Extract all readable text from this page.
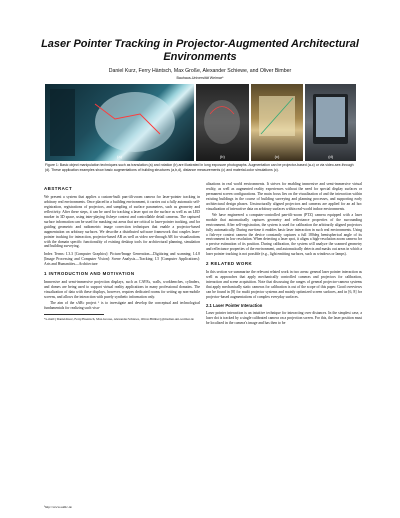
Laser Pointer Tracking in Projector-Augmented Architectural Environments
Daniel Kurz, Ferry Häntsch, Max Große, Alexander Schiewe, and Oliver Bimber
Bauhaus-Universität Weimar*
(a)	(b)	(c)	(d)
Figure 1: Basic object manipulation techniques such as translation (a) and rotation (b) are illustrated in long exposure photographs. Augmentation can be projector-based (a-c) or via video-see-through (d). These application examples show basic augmentations of building structures (a,b,d), distance measurements (c) and material-color simulations (c).
ABSTRACT

We present a system that applies a custom-built pan-tilt-zoom camera for laser-pointer tracking in arbitrary real environments. Once placed in a building environment, it carries out a fully automatic self-registration, registrations of projectors, and sampling of surface parameters, such as geometry and reflectivity. After these steps, it can be used for tracking a laser spot on the surface as well as an LED marker in 3D space, using inter-playing fisheye context and controllable detail cameras. The captured surface information can be used for masking out areas that are critical to laser-pointer tracking, and for guiding geometric and radiometric image correction techniques that enable a projector-based augmentation on arbitrary surfaces. We describe a distributed software framework that couples laser-pointer tracking for interaction, projector-based AR as well as video see-through AR for visualizations with the domain specific functionality of existing desktop tools for architectural planning, simulation and building surveying.

Index Terms: I.3.3 [Computer Graphics]: Picture/Image Generation—Digitizing and scanning; I.4.8 [Image Processing and Computer Vision]: Scene Analysis—Tracking; I.5 [Computer Applications]: Arts and Humanities—Architecture

1 INTRODUCTION AND MOTIVATION

Immersive and semi-immersive projection displays, such as CAVEs, walls, workbenches, cylinders, and domes are being used to support virtual reality applications in many professional domains. The visualization of data with these displays, however, requires dedicated rooms for setting up non-mobile screens, and allows the interaction with purely synthetic information only.

The aim of the sARc project ¹ is to investigate and develop the conceptual and technological fundamentals for realizing such visu-

*e-mail:{Daniel.Kurz, Ferry.Haentsch, Max.Grosse, Alexander.Schiewe, Oliver.Bimber}@medien.uni-weimar.de
¹http://www.sARc.de

alizations in real world environments. It strives for enabling immersive and semi-immersive virtual reality, as well as augmented reality experiences without the need for special display surfaces or permanent screen configurations. The main focus lies on the visualization of and the interaction within existing buildings in the course of building surveying and planning processes, and supporting early architectural design phases. Unstructurally aligned projectors and cameras are applied for an ad hoc visualization of interactive data on arbitrary surfaces within real-world indoor environments.

We have engineered a computer-controlled pan-tilt-zoom (PTZ) camera equipped with a laser module that automatically captures geometry and reflectance properties of the surrounding environment. After self-registration, the system is used for calibration the arbitrarily aligned projectors fully automatically. During run-time it enables basic laser interaction in such real environments. Using a fish-eye context camera the device constantly captures a full 180deg hemispherical angle of its environment in low resolution. When detecting a laser spot, it aligns a high-resolution zoom camera for a precise estimation of its position. During calibration, the system will analyze the scanned geometry and reflectance properties of the environment, and automatically detects and masks out areas in which a laser pointer tracking is not possible (e.g., light emitting surfaces, such as windows or lamps).

2 RELATED WORK

In this section we summarize the relevant related work in two areas: general laser pointer interaction as well as approaches that apply mechanically controlled cameras and projectors for calibration, interaction and scene acquisition. Note that discussing the ranges of general projector-camera systems that apply mechanically static cameras for calibration is out of the scope of this paper. Good overviews can be found in [8] for multi projector systems and mainly optimized screen surfaces, and in [6, 8] for projector-based augmentations of complex everyday surfaces.

2.1 Laser Pointer Interaction

Laser pointer interaction is an intuitive technique for interacting over distances. In the simplest case, a laser dot is tracked by a single calibrated camera on a projection screen. For this, the laser position must be localized in the camera's image and has then to be
